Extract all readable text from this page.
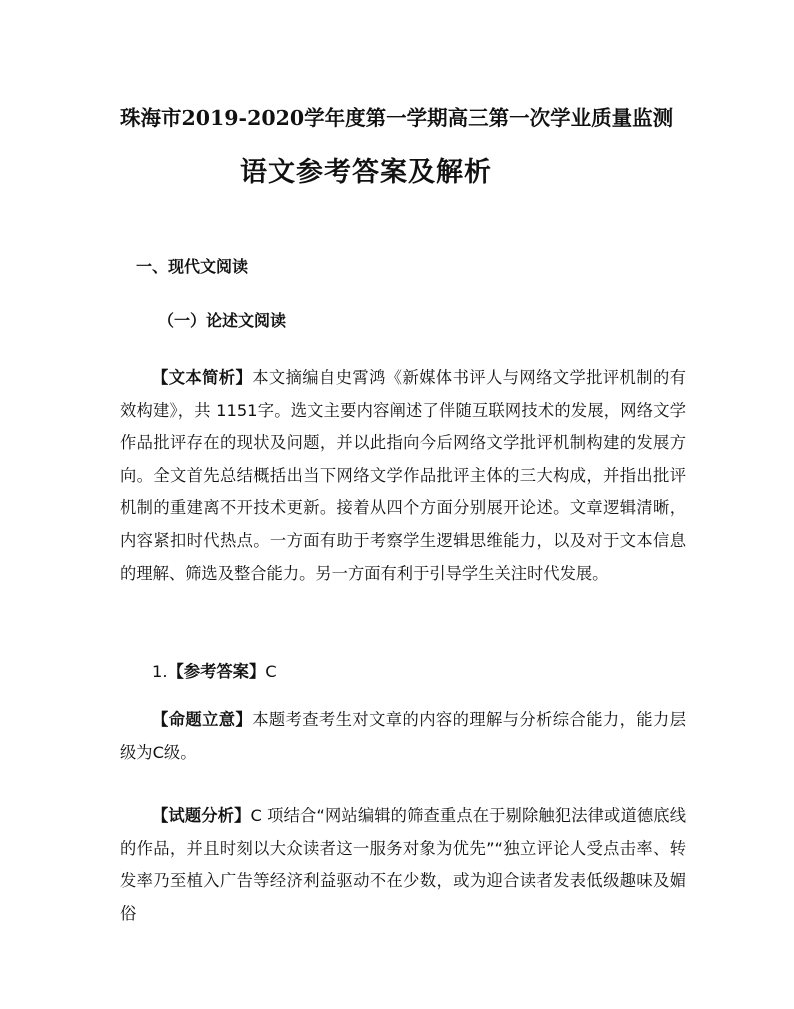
珠海市2019-2020学年度第一学期高三第一次学业质量监测
语文参考答案及解析
一、现代文阅读
（一）论述文阅读
【文本简析】本文摘编自史霄鸿《新媒体书评人与网络文学批评机制的有效构建》，共 1151字。选文主要内容阐述了伴随互联网技术的发展，网络文学作品批评存在的现状及问题，并以此指向今后网络文学批评机制构建的发展方向。全文首先总结概括出当下网络文学作品批评主体的三大构成，并指出批评机制的重建离不开技术更新。接着从四个方面分别展开论述。文章逻辑清晰，内容紧扣时代热点。一方面有助于考察学生逻辑思维能力，以及对于文本信息的理解、筛选及整合能力。另一方面有利于引导学生关注时代发展。
1.【参考答案】C
【命题立意】本题考查考生对文章的内容的理解与分析综合能力，能力层级为C级。
【试题分析】C 项结合“网站编辑的筛查重点在于剔除触犯法律或道德底线的作品，并且时刻以大众读者这一服务对象为优先”“独立评论人受点击率、转发率乃至植入广告等经济利益驱动不在少数，或为迎合读者发表低级趣味及媚俗
